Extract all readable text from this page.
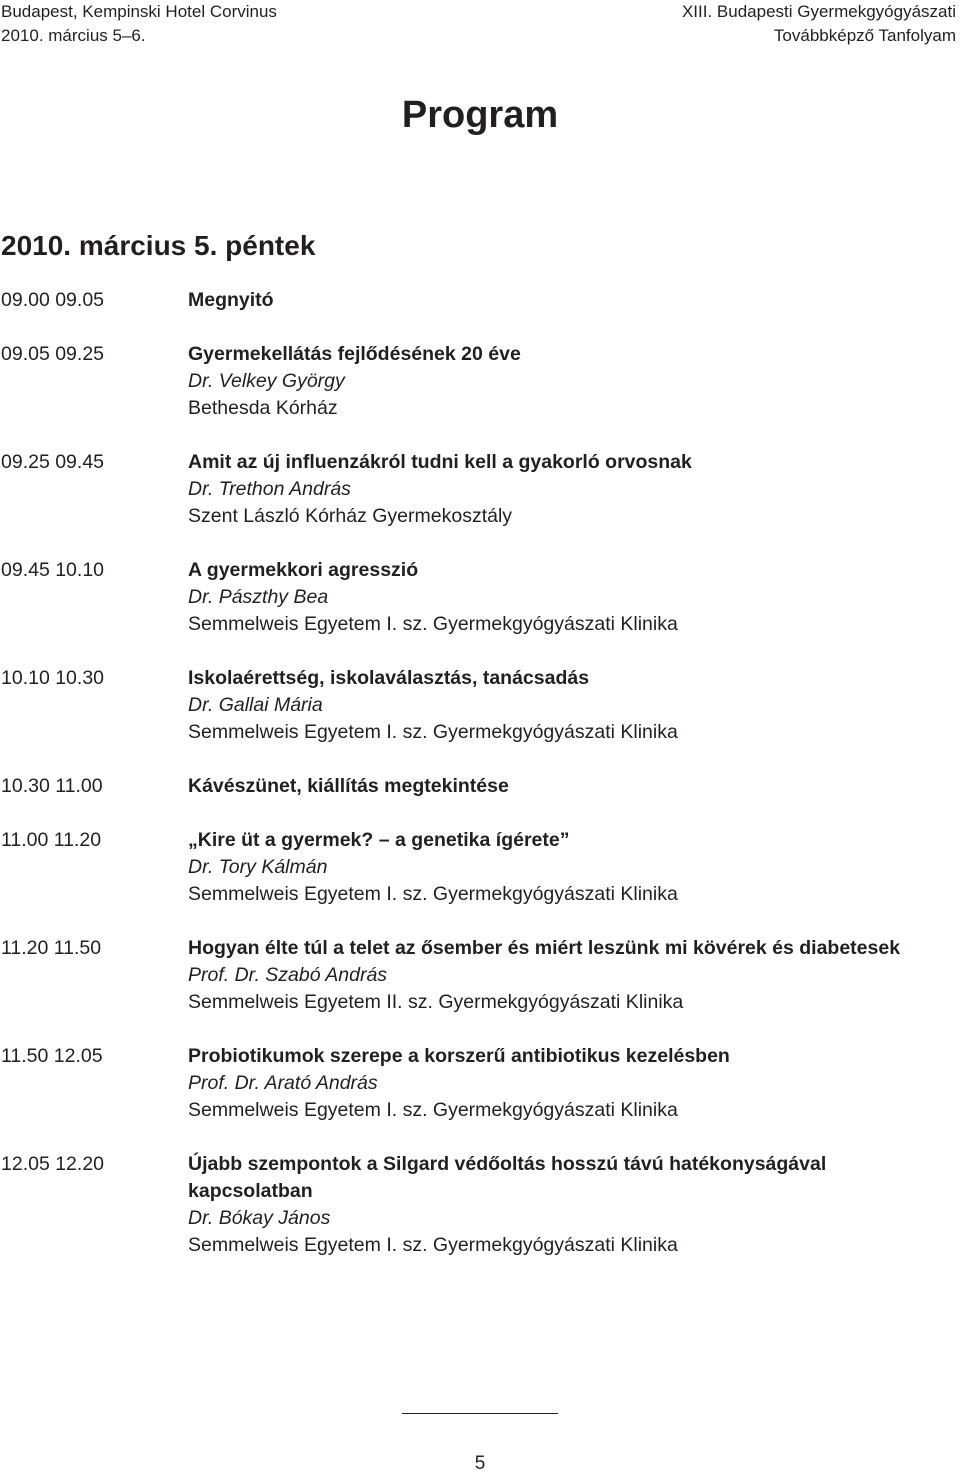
Budapest, Kempinski Hotel Corvinus
2010. március 5–6.
XIII. Budapesti Gyermekgyógyászati
Továbbképző Tanfolyam
Program
2010. március 5. péntek
09.00 09.05	Megnyitó
09.05 09.25	Gyermekellátás fejlődésének 20 éve
Dr. Velkey György
Bethesda Kórház
09.25 09.45	Amit az új influenzákról tudni kell a gyakorló orvosnak
Dr. Trethon András
Szent László Kórház Gyermekosztály
09.45 10.10	A gyermekkori agresszió
Dr. Pászthy Bea
Semmelweis Egyetem I. sz. Gyermekgyógyászati Klinika
10.10 10.30	Iskolaérettség, iskolaválasztás, tanácsadás
Dr. Gallai Mária
Semmelweis Egyetem I. sz. Gyermekgyógyászati Klinika
10.30 11.00	Kávészünet, kiállítás megtekintése
11.00 11.20	„Kire üt a gyermek? – a genetika ígérete”
Dr. Tory Kálmán
Semmelweis Egyetem I. sz. Gyermekgyógyászati Klinika
11.20 11.50	Hogyan élte túl a telet az ősember és miért leszünk mi kövérek és diabetesek
Prof. Dr. Szabó András
Semmelweis Egyetem II. sz. Gyermekgyógyászati Klinika
11.50 12.05	Probiotikumok szerepe a korszerű antibiotikus kezelésben
Prof. Dr. Arató András
Semmelweis Egyetem I. sz. Gyermekgyógyászati Klinika
12.05 12.20	Újabb szempontok a Silgard védőoltás hosszú távú hatékonyságával kapcsolatban
Dr. Bókay János
Semmelweis Egyetem I. sz. Gyermekgyógyászati Klinika
5
